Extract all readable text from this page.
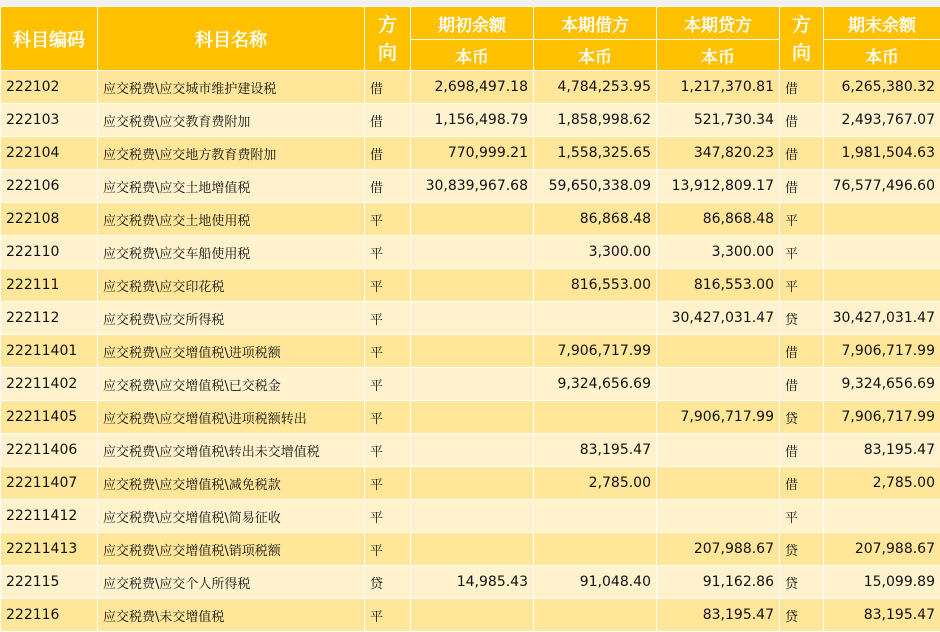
科目编码	科目名称	方向	期初余额	本期借方	本期贷方	方向	期末余额
			本币	本币	本币		本币
222102	应交税费\应交城市维护建设税	借	2,698,497.18	4,784,253.95	1,217,370.81	借	6,265,380.32
222103	应交税费\应交教育费附加	借	1,156,498.79	1,858,998.62	521,730.34	借	2,493,767.07
222104	应交税费\应交地方教育费附加	借	770,999.21	1,558,325.65	347,820.23	借	1,981,504.63
222106	应交税费\应交土地增值税	借	30,839,967.68	59,650,338.09	13,912,809.17	借	76,577,496.60
222108	应交税费\应交土地使用税	平		86,868.48	86,868.48	平	
222110	应交税费\应交车船使用税	平		3,300.00	3,300.00	平	
222111	应交税费\应交印花税	平		816,553.00	816,553.00	平	
222112	应交税费\应交所得税	平			30,427,031.47	贷	30,427,031.47
22211401	应交税费\应交增值税\进项税额	平		7,906,717.99		借	7,906,717.99
22211402	应交税费\应交增值税\已交税金	平		9,324,656.69		借	9,324,656.69
22211405	应交税费\应交增值税\进项税额转出	平			7,906,717.99	贷	7,906,717.99
22211406	应交税费\应交增值税\转出未交增值税	平		83,195.47		借	83,195.47
22211407	应交税费\应交增值税\减免税款	平		2,785.00		借	2,785.00
22211412	应交税费\应交增值税\简易征收	平				平	
22211413	应交税费\应交增值税\销项税额	平			207,988.67	贷	207,988.67
222115	应交税费\应交个人所得税	贷	14,985.43	91,048.40	91,162.86	贷	15,099.89
222116	应交税费\未交增值税	平			83,195.47	贷	83,195.47
